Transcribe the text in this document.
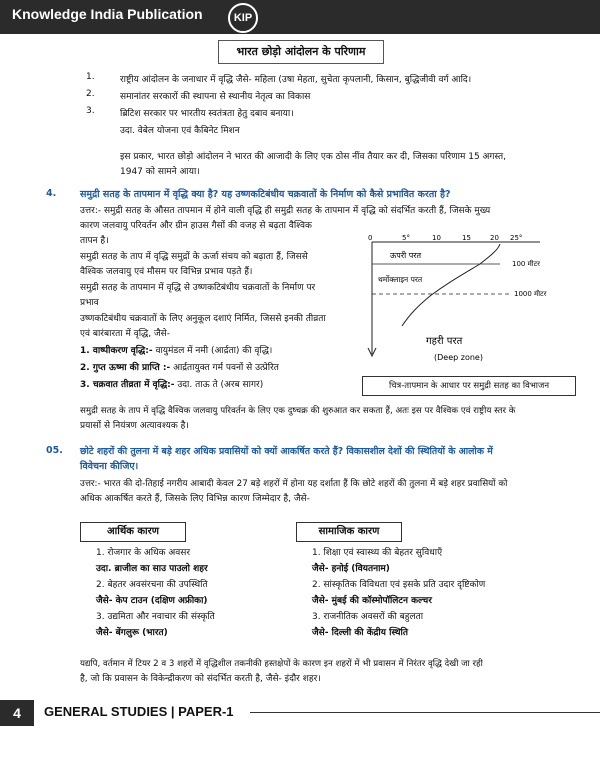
Knowledge India Publication	KIP
भारत छोड़ो आंदोलन के परिणाम
1.	राष्ट्रीय आंदोलन के जनाधार में वृद्धि जैसे- महिला (उषा मेहता, सुचेता कृपलानी, किसान, बुद्धिजीवी वर्ग आदि।
2.	समानांतर सरकारों की स्थापना से स्थानीय नेतृत्व का विकास
3.	ब्रिटिश सरकार पर भारतीय स्वतंत्रता हेतु दबाव बनाया।
उदा. वेबेल योजना एवं कैबिनेट मिशन
इस प्रकार, भारत छोड़ो आंदोलन ने भारत की आजादी के लिए एक ठोस नींव तैयार कर दी, जिसका परिणाम 15 अगस्त,
1947 को सामने आया।
4.	समुद्री सतह के तापमान में वृद्धि क्या है? यह उष्णकटिबंधीय चक्रवातों के निर्माण को कैसे प्रभावित करता है?
उत्तर:- समुद्री सतह के औसत तापमान में होने वाली वृद्धि ही समुद्री सतह के तापमान में वृद्धि को संदर्भित करती हैं, जिसके मुख्य
कारण जलवायु परिवर्तन और ग्रीन हाउस गैसों की वजह से बढ़ता वैश्विक
तापन है।
समुद्री सतह के ताप में वृद्धि समुद्रों के ऊर्जा संचय को बढ़ाता हैं, जिससे
वैश्विक जलवायु एवं मौसम पर विभिन्न प्रभाव पड़ते हैं।
समुद्री सतह के तापमान में वृद्धि से उष्णकटिबंधीय चक्रवातों के निर्माण पर
प्रभाव
उष्णकटिबंधीय चक्रवातों के लिए अनुकूल दशाएं निर्मित, जिससे इनकी तीव्रता
एवं बारंबारता में वृद्धि, जैसे-
1. वाष्पीकरण वृद्धि:- वायुमंडल में नमी (आर्द्रता) की वृद्धि।
2. गुप्त ऊष्मा की प्राप्ति :- आर्द्रतायुक्त गर्म पवनों से उत्प्रेरित
3. चक्रवात तीव्रता में वृद्धि:- उदा. ताऊ ते (अरब सागर)
0	5°	10	15	20 25°
ऊपरी परत
थर्मोक्लाइन परत
100 मीटर
1000 मीटर
गहरी परत
(Deep zone)
चित्र-तापमान के आधार पर समुद्री सतह का विभाजन
समुद्री सतह के ताप में वृद्धि वैश्विक जलवायु परिवर्तन के लिए एक दुष्चक्र की शुरुआत कर सकता हैं, अतः इस पर वैश्विक एवं राष्ट्रीय स्तर के
प्रयासों से नियंत्रण अत्यावश्यक है।
05. छोटे शहरों की तुलना में बड़े शहर अधिक प्रवासियों को क्यों आकर्षित करते हैं? विकासशील देशों की स्थितियों के आलोक में
विवेचना कीजिए।
उत्तर:- भारत की दो-तिहाई नगरीय आबादी केवल 27 बड़े शहरों में होना यह दर्शाता हैं कि छोटे शहरों की तुलना में बड़े शहर प्रवासियों को
अधिक आकर्षित करते हैं, जिसके लिए विभिन्न कारण जिम्मेदार है, जैसे-
आर्थिक कारण	सामाजिक कारण
1. रोजगार के अधिक अवसर
उदा. ब्राजील का साउ पाउलो शहर
2. बेहतर अवसंरचना की उपस्थिति
जैसे- केप टाउन (दक्षिण अफ्रीका)
3. उद्यमिता और नवाचार की संस्कृति
जैसे- बेंगलुरू (भारत)
1. शिक्षा एवं स्वास्थ्य की बेहतर सुविधाएँ
जैसे- हनोई (वियतनाम)
2. सांस्कृतिक विविधता एवं इसके प्रति उदार दृष्टिकोण
जैसे- मुंबई की कॉस्मोपॉलिटन कल्चर
3. राजनीतिक अवसरों की बहुलता
जैसे- दिल्ली की केंद्रीय स्थिति
यद्यपि, वर्तमान में टियर 2 व 3 शहरों में वृद्धिशील तकनीकी हस्तक्षेपों के कारण इन शहरों में भी प्रवासन में निरंतर वृद्धि देखी जा रही
है, जो कि प्रवासन के विकेन्द्रीकरण को संदर्भित करती है, जैसे- इंदौर शहर।
4	GENERAL STUDIES | PAPER-1
